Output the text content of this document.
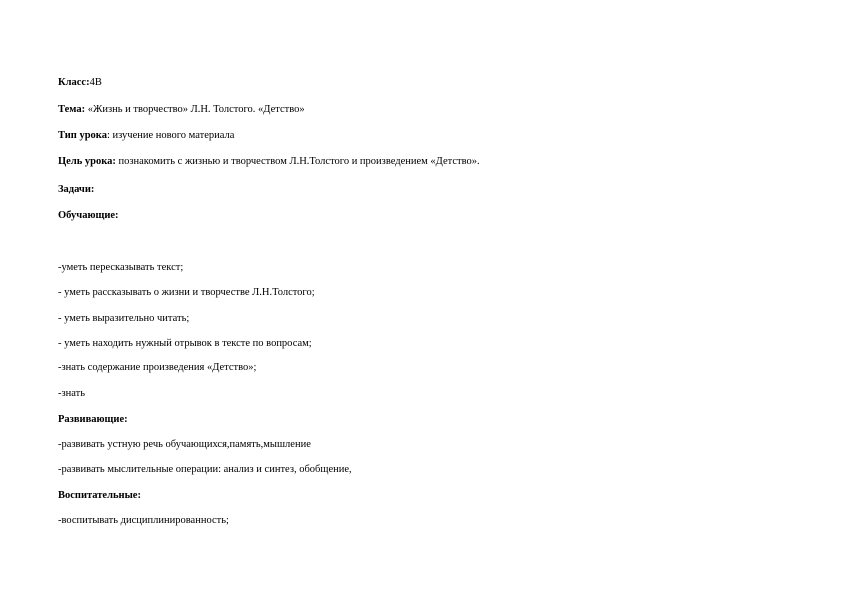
Класс:4В
Тема: «Жизнь и творчество» Л.Н. Толстого. «Детство»
Тип урока: изучение нового материала
Цель урока: познакомить с жизнью и творчеством Л.Н.Толстого и произведением «Детство».
Задачи:
Обучающие:
-уметь пересказывать текст;
- уметь рассказывать о жизни и творчестве Л.Н.Толстого;
- уметь выразительно читать;
- уметь находить нужный отрывок в тексте по вопросам;
-знать содержание произведения «Детство»;
-знать
Развивающие:
-развивать устную речь обучающихся,память,мышление
-развивать мыслительные операции: анализ и синтез, обобщение,
Воспитательные:
-воспитывать дисциплинированность;
